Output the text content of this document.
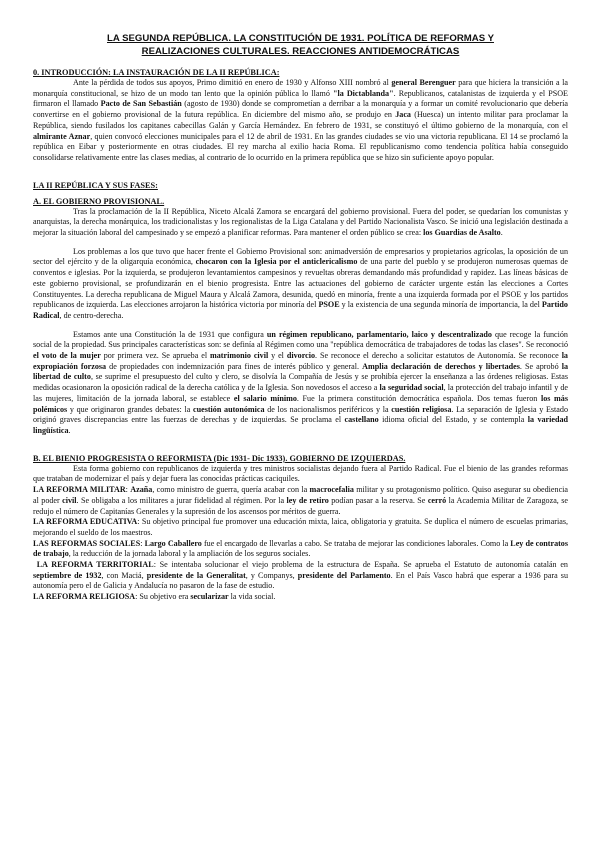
LA SEGUNDA REPÚBLICA. LA CONSTITUCIÓN DE 1931. POLÍTICA DE REFORMAS Y
REALIZACIONES CULTURALES. REACCIONES ANTIDEMOCRÁTICAS

0. INTRODUCCIÓN: LA INSTAURACIÓN DE LA II REPÚBLICA:

Ante la pérdida de todos sus apoyos, Primo dimitió en enero de 1930 y Alfonso XIII nombró al general Berenguer para que hiciera la transición a la monarquía constitucional, se hizo de un modo tan lento que la opinión pública lo llamó "la Dictablanda". Republicanos, catalanistas de izquierda y el PSOE firmaron el llamado Pacto de San Sebastián (agosto de 1930) donde se comprometían a derribar a la monarquía y a formar un comité revolucionario que debería convertirse en el gobierno provisional de la futura república. En diciembre del mismo año, se produjo en Jaca (Huesca) un intento militar para proclamar la República, siendo fusilados los capitanes cabecillas Galán y García Hernández. En febrero de 1931, se constituyó el último gobierno de la monarquía, con el almirante Aznar, quien convocó elecciones municipales para el 12 de abril de 1931. En las grandes ciudades se vio una victoria republicana. El 14 se proclamó la república en Eibar y posteriormente en otras ciudades. El rey marcha al exilio hacia Roma. El republicanismo como tendencia política había conseguido consolidarse relativamente entre las clases medias, al contrario de lo ocurrido en la primera república que se hizo sin suficiente apoyo popular.

LA II REPÚBLICA Y SUS FASES:

A. EL GOBIERNO PROVISIONAL.

Tras la proclamación de la II República, Niceto Alcalá Zamora se encargará del gobierno provisional. Fuera del poder, se quedarían los comunistas y anarquistas, la derecha monárquica, los tradicionalistas y los regionalistas de la Liga Catalana y del Partido Nacionalista Vasco. Se inició una legislación destinada a mejorar la situación laboral del campesinado y se empezó a planificar reformas. Para mantener el orden público se crea: los Guardias de Asalto.

Los problemas a los que tuvo que hacer frente el Gobierno Provisional son: animadversión de empresarios y propietarios agrícolas, la oposición de un sector del ejército y de la oligarquía económica, chocaron con la Iglesia por el anticlericalismo de una parte del pueblo y se produjeron numerosas quemas de conventos e iglesias. Por la izquierda, se produjeron levantamientos campesinos y revueltas obreras demandando más profundidad y rapidez. Las líneas básicas de este gobierno provisional, se profundizarán en el bienio progresista. Entre las actuaciones del gobierno de carácter urgente están las elecciones a Cortes Constituyentes. La derecha republicana de Miguel Maura y Alcalá Zamora, desunida, quedó en minoría, frente a una izquierda formada por el PSOE y los partidos republicanos de izquierda. Las elecciones arrojaron la histórica victoria por minoría del PSOE y la existencia de una segunda minoría de importancia, la del Partido Radical, de centro-derecha.

Estamos ante una Constitución la de 1931 que configura un régimen republicano, parlamentario, laico y descentralizado que recoge la función social de la propiedad. Sus principales características son: se definía al Régimen como una "república democrática de trabajadores de todas las clases". Se reconoció el voto de la mujer por primera vez. Se aprueba el matrimonio civil y el divorcio. Se reconoce el derecho a solicitar estatutos de Autonomía. Se reconoce la expropiación forzosa de propiedades con indemnización para fines de interés público y general. Amplia declaración de derechos y libertades. Se aprobó la libertad de culto, se suprime el presupuesto del culto y clero, se disolvía la Compañía de Jesús y se prohibía ejercer la enseñanza a las órdenes religiosas. Estas medidas ocasionaron la oposición radical de la derecha católica y de la Iglesia. Son novedosos el acceso a la seguridad social, la protección del trabajo infantil y de las mujeres, limitación de la jornada laboral, se establece el salario mínimo. Fue la primera constitución democrática española. Dos temas fueron los más polémicos y que originaron grandes debates: la cuestión autonómica de los nacionalismos periféricos y la cuestión religiosa. La separación de Iglesia y Estado originó graves discrepancias entre las fuerzas de derechas y de izquierdas. Se proclama el castellano idioma oficial del Estado, y se contempla la variedad lingüística.

B. EL BIENIO PROGRESISTA O REFORMISTA (Dic 1931- Dic 1933). GOBIERNO DE IZQUIERDAS.

Esta forma gobierno con republicanos de izquierda y tres ministros socialistas dejando fuera al Partido Radical. Fue el bienio de las grandes reformas que trataban de modernizar el país y dejar fuera las conocidas prácticas caciquiles.

LA REFORMA MILITAR: Azaña, como ministro de guerra, quería acabar con la macrocefalia militar y su protagonismo político. Quiso asegurar su obediencia al poder civil. Se obligaba a los militares a jurar fidelidad al régimen. Por la ley de retiro podían pasar a la reserva. Se cerró la Academia Militar de Zaragoza, se redujo el número de Capitanías Generales y la supresión de los ascensos por méritos de guerra.

LA REFORMA EDUCATIVA: Su objetivo principal fue promover una educación mixta, laica, obligatoria y gratuita. Se duplica el número de escuelas primarias, mejorando el sueldo de los maestros.

LAS REFORMAS SOCIALES: Largo Caballero fue el encargado de llevarlas a cabo. Se trataba de mejorar las condiciones laborales. Como la Ley de contratos de trabajo, la reducción de la jornada laboral y la ampliación de los seguros sociales.

LA REFORMA TERRITORIAL: Se intentaba solucionar el viejo problema de la estructura de España. Se aprueba el Estatuto de autonomía catalán en septiembre de 1932, con Maciá, presidente de la Generalitat, y Companys, presidente del Parlamento. En el País Vasco habrá que esperar a 1936 para su autonomía pero el de Galicia y Andalucía no pasaron de la fase de estudio.

LA REFORMA RELIGIOSA: Su objetivo era secularizar la vida social.
